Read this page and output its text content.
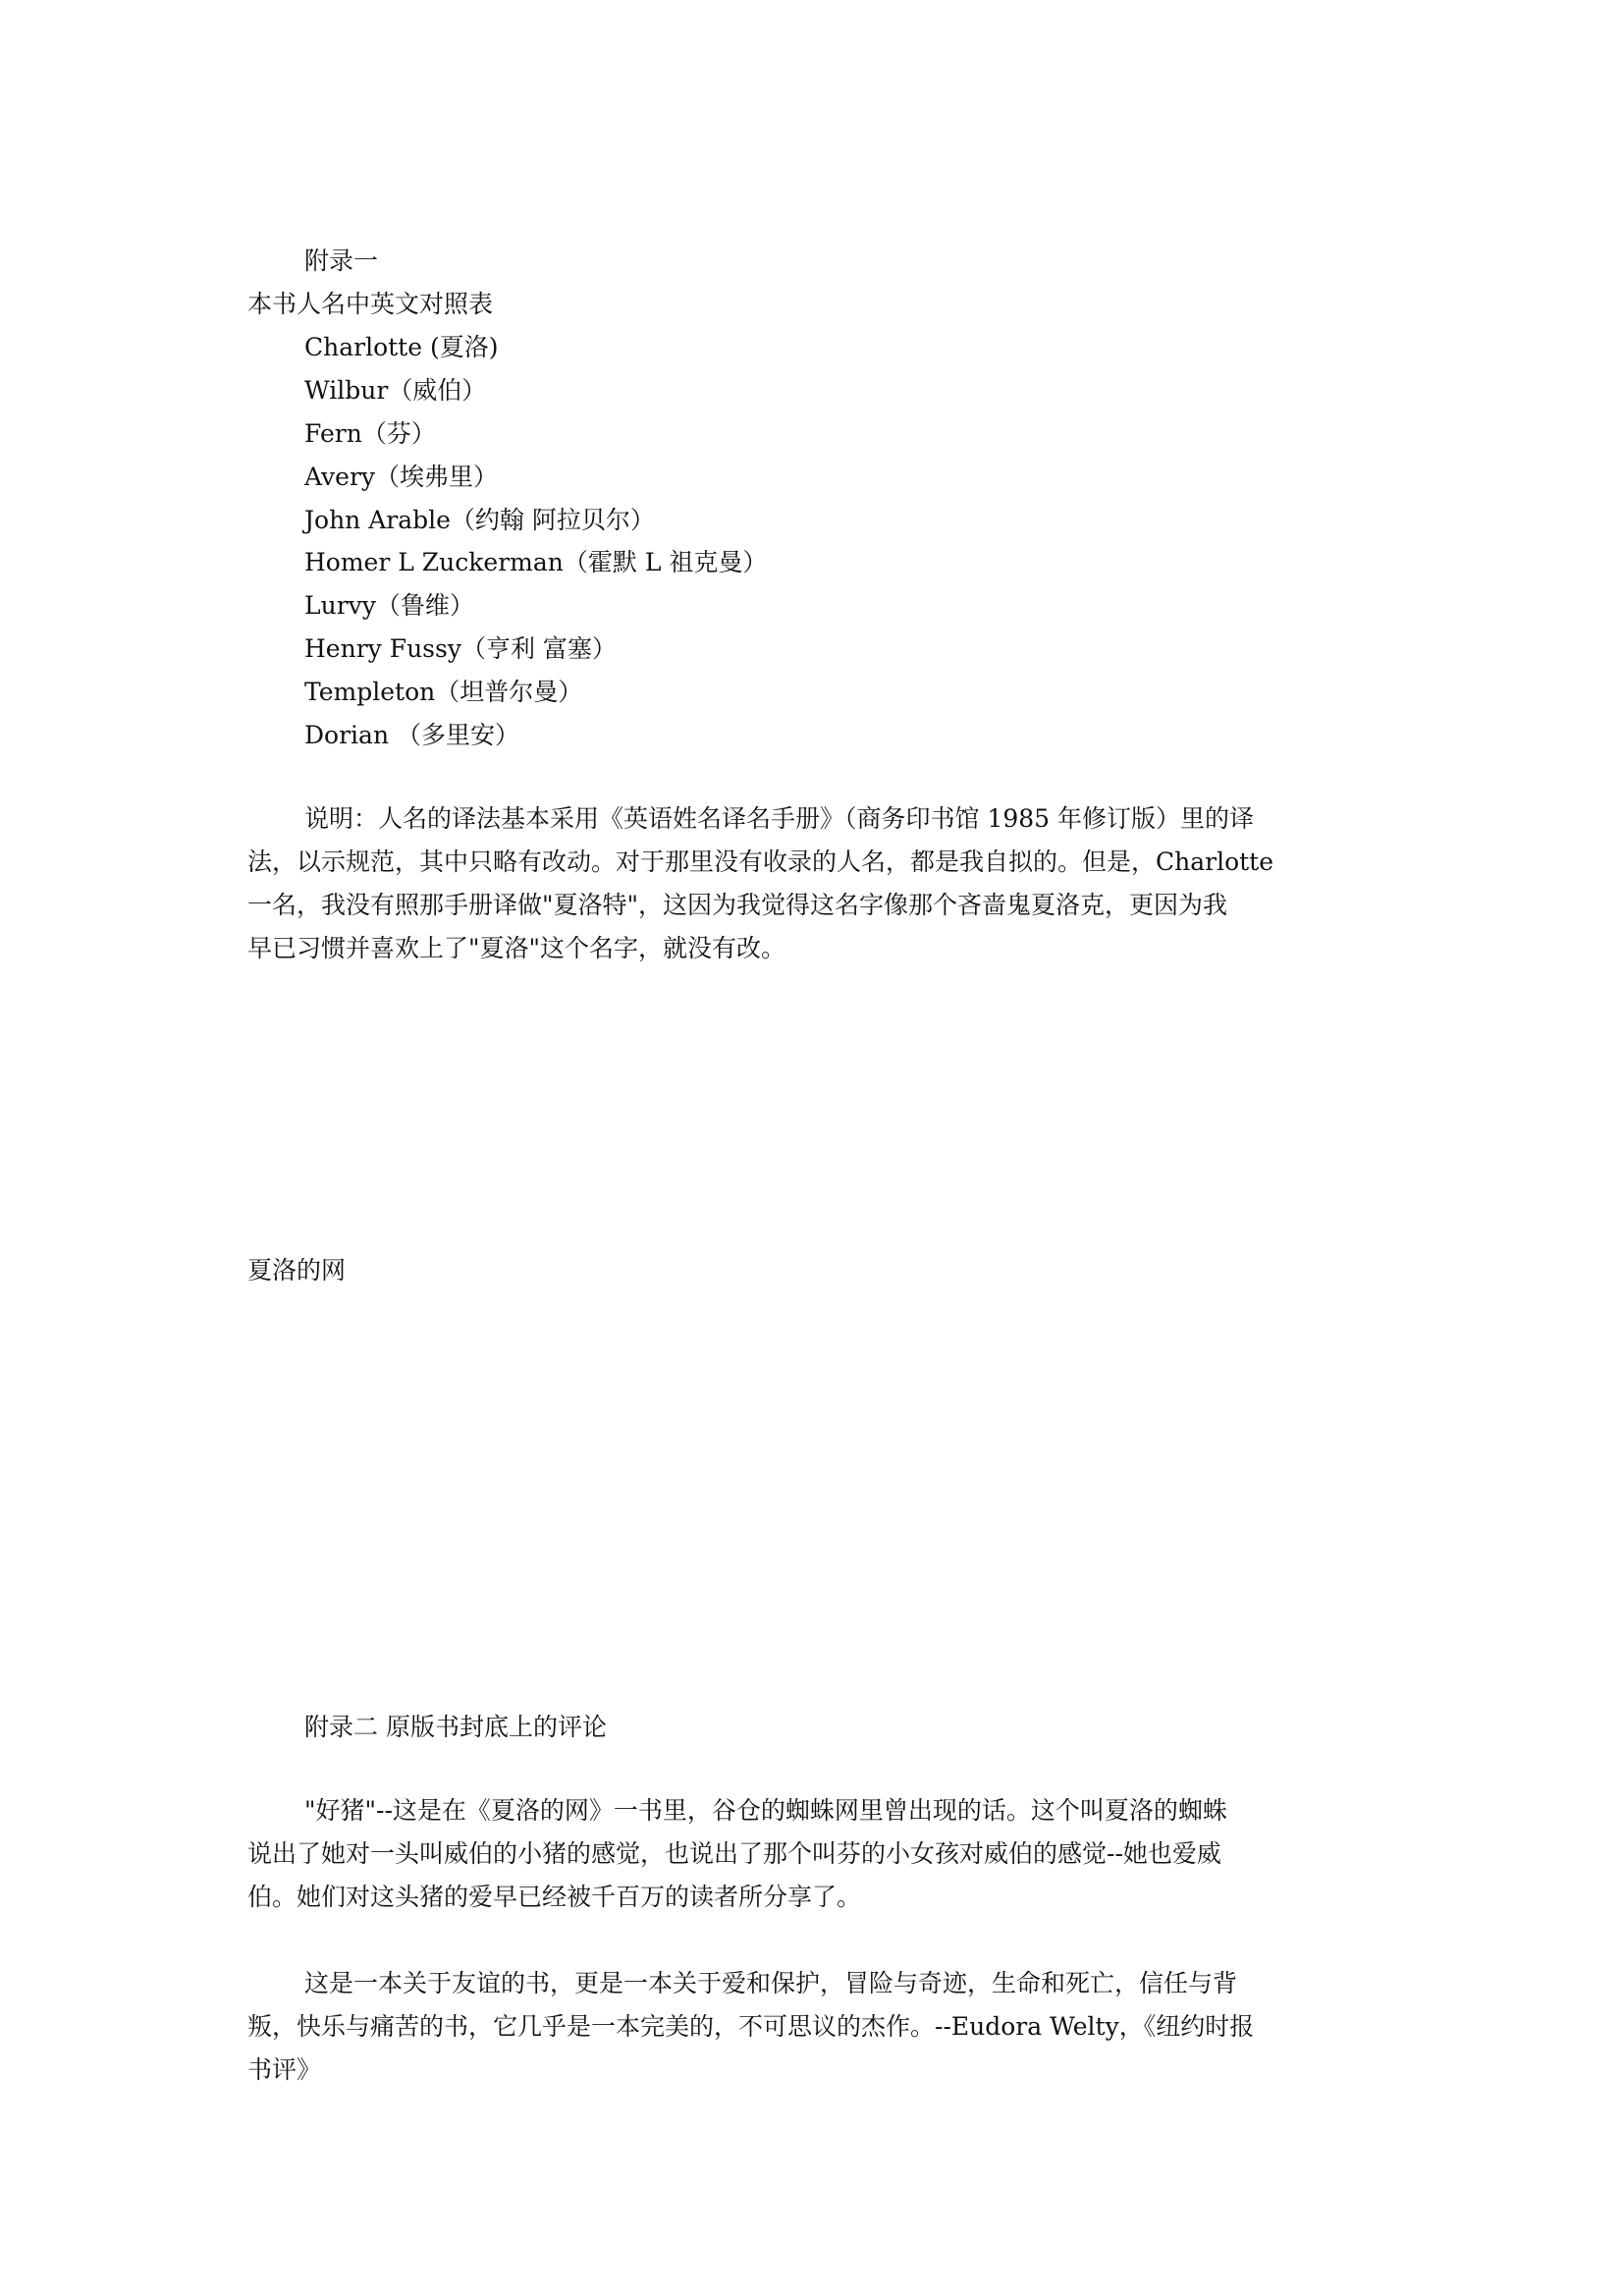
附录一
本书人名中英文对照表
Charlotte (夏洛)
Wilbur（威伯）
Fern（芬）
Avery（埃弗里）
John Arable（约翰 阿拉贝尔）
Homer L Zuckerman（霍默 L 祖克曼）
Lurvy（鲁维）
Henry Fussy（亨利 富塞）
Templeton（坦普尔曼）
Dorian （多里安）
说明：人名的译法基本采用《英语姓名译名手册》（商务印书馆 1985 年修订版）里的译
法，以示规范，其中只略有改动。对于那里没有收录的人名，都是我自拟的。但是，Charlotte
一名，我没有照那手册译做"夏洛特"，这因为我觉得这名字像那个吝啬鬼夏洛克，更因为我
早已习惯并喜欢上了"夏洛"这个名字，就没有改。
夏洛的网
附录二 原版书封底上的评论
"好猪"--这是在《夏洛的网》一书里，谷仓的蜘蛛网里曾出现的话。这个叫夏洛的蜘蛛
说出了她对一头叫威伯的小猪的感觉，也说出了那个叫芬的小女孩对威伯的感觉--她也爱威
伯。她们对这头猪的爱早已经被千百万的读者所分享了。
这是一本关于友谊的书，更是一本关于爱和保护，冒险与奇迹，生命和死亡，信任与背
叛，快乐与痛苦的书，它几乎是一本完美的，不可思议的杰作。--Eudora Welty，《纽约时报
书评》
